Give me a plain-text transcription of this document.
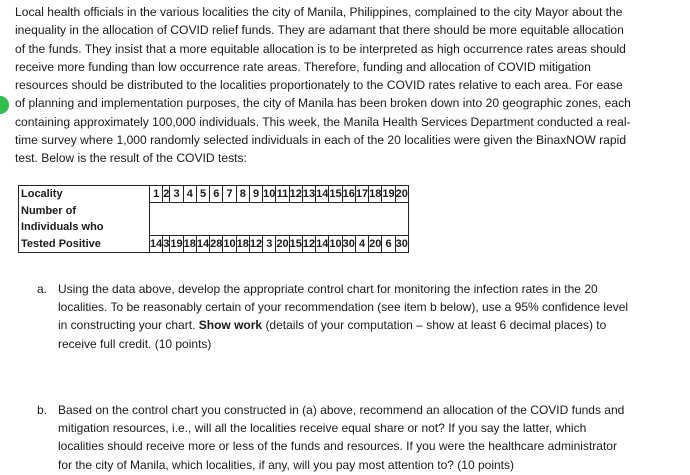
Local health officials in the various localities the city of Manila, Philippines, complained to the city Mayor about the
inequality in the allocation of COVID relief funds. They are adamant that there should be more equitable allocation
of the funds. They insist that a more equitable allocation is to be interpreted as high occurrence rates areas should
receive more funding than low occurrence rate areas. Therefore, funding and allocation of COVID mitigation
resources should be distributed to the localities proportionately to the COVID rates relative to each area. For ease
of planning and implementation purposes, the city of Manila has been broken down into 20 geographic zones, each
containing approximately 100,000 individuals. This week, the Manila Health Services Department conducted a real-
time survey where 1,000 randomly selected individuals in each of the 20 localities were given the BinaxNOW rapid
test. Below is the result of the COVID tests:
Locality	1	2	3	4	5	6	7	8	9	10	11	12	13	14	15	16	17	18	19	20
Number of																				
Individuals who																				
Tested Positive	14	3	19	18	14	28	10	18	12	3	20	15	12	14	10	30	4	20	6	30
a. Using the data above, develop the appropriate control chart for monitoring the infection rates in the 20
localities. To be reasonably certain of your recommendation (see item b below), use a 95% confidence level
in constructing your chart. Show work (details of your computation – show at least 6 decimal places) to
receive full credit. (10 points)
b. Based on the control chart you constructed in (a) above, recommend an allocation of the COVID funds and
mitigation resources, i.e., will all the localities receive equal share or not? If you say the latter, which
localities should receive more or less of the funds and resources. If you were the healthcare administrator
for the city of Manila, which localities, if any, will you pay most attention to? (10 points)
